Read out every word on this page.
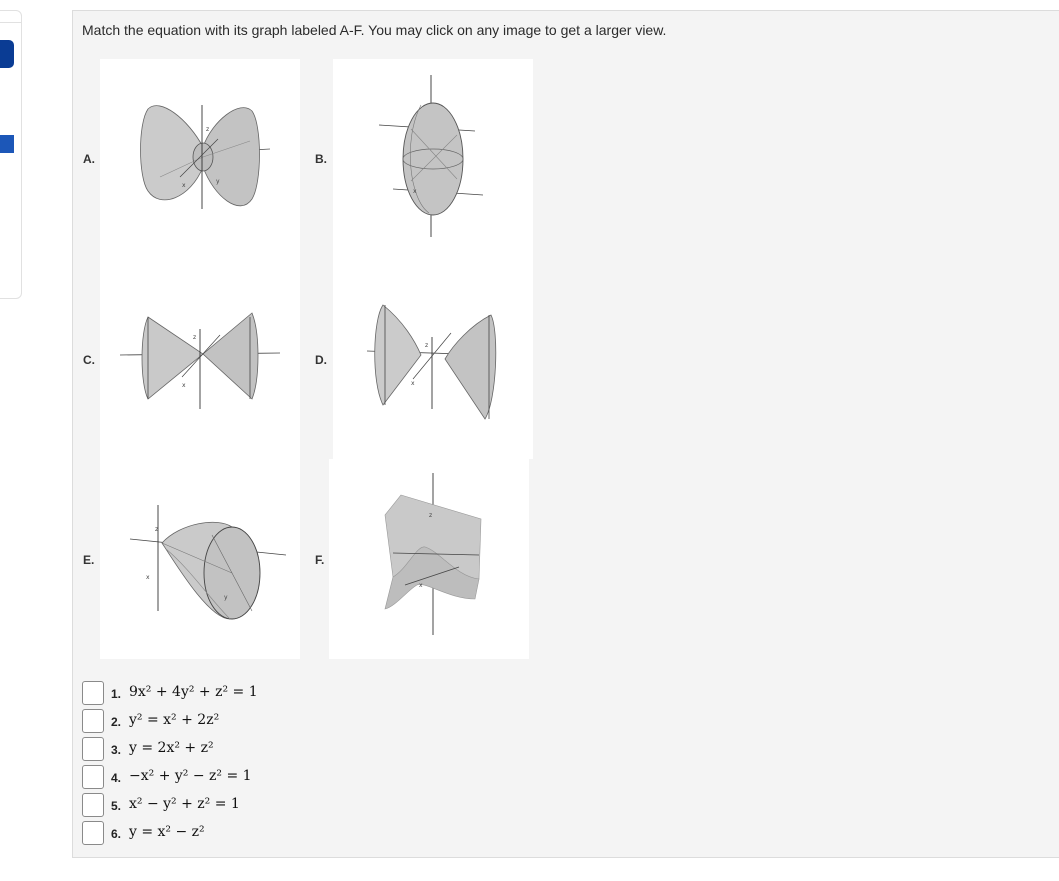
Match the equation with its graph labeled A-F. You may click on any image to get a larger view.
A.
z
x
y
B.
x
C.
z
x
D.
z
x
E.
z
x
y
F.
z
x
1. 9x² + 4y² + z² = 1
2. y² = x² + 2z²
3. y = 2x² + z²
4. −x² + y² − z² = 1
5. x² − y² + z² = 1
6. y = x² − z²
